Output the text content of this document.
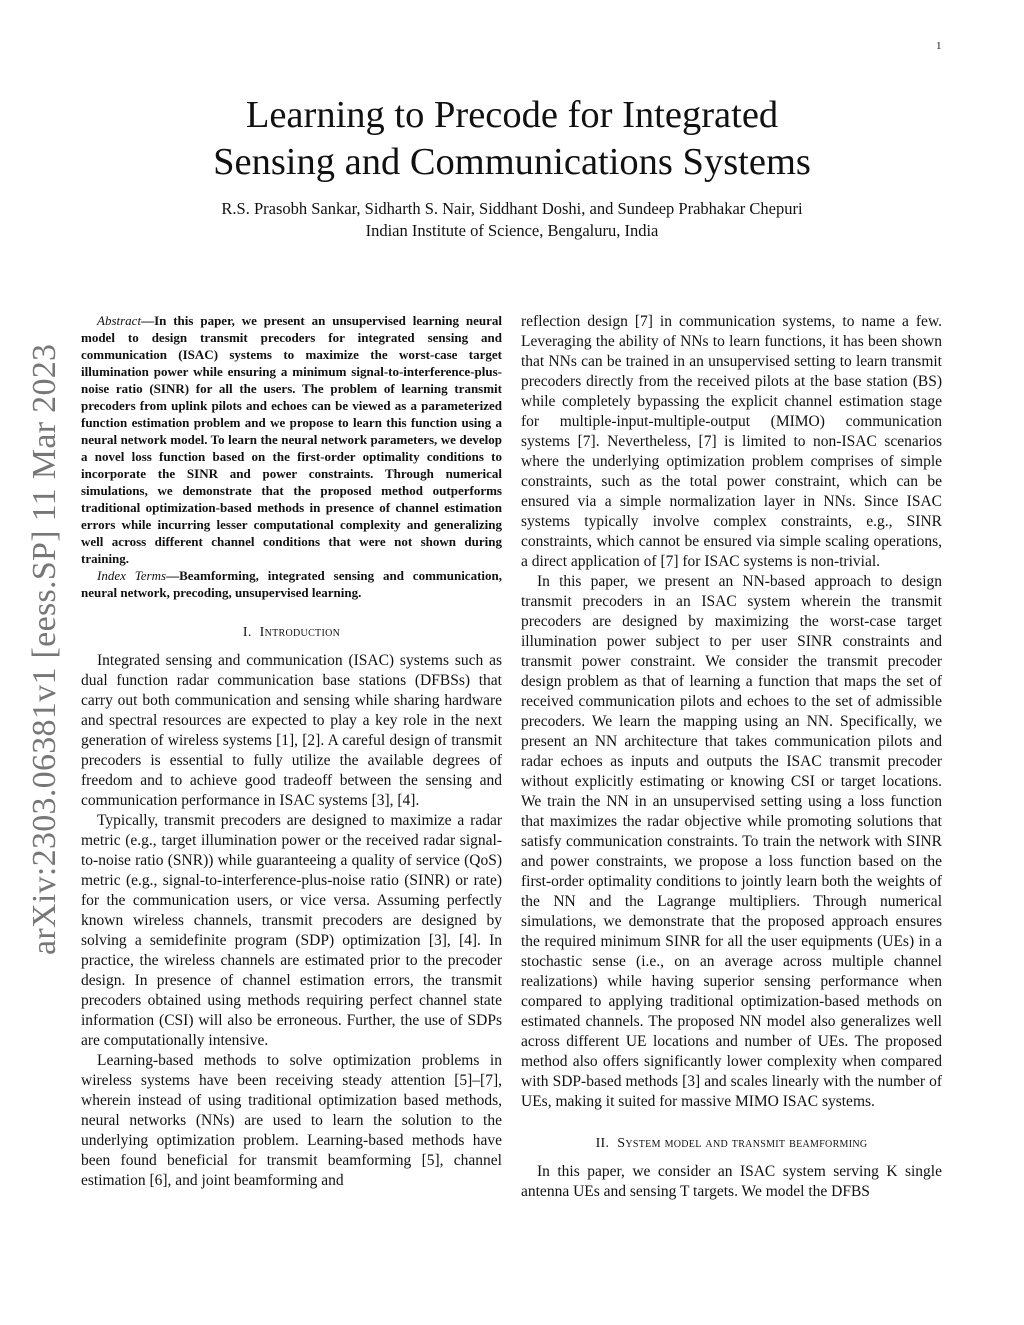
1
arXiv:2303.06381v1 [eess.SP] 11 Mar 2023
Learning to Precode for Integrated
Sensing and Communications Systems
R.S. Prasobh Sankar, Sidharth S. Nair, Siddhant Doshi, and Sundeep Prabhakar Chepuri
Indian Institute of Science, Bengaluru, India

Abstract—In this paper, we present an unsupervised learning neural model to design transmit precoders for integrated sensing and communication (ISAC) systems to maximize the worst-case target illumination power while ensuring a minimum signal-to-interference-plus-noise ratio (SINR) for all the users. The problem of learning transmit precoders from uplink pilots and echoes can be viewed as a parameterized function estimation problem and we propose to learn this function using a neural network model. To learn the neural network parameters, we develop a novel loss function based on the first-order optimality conditions to incorporate the SINR and power constraints. Through numerical simulations, we demonstrate that the proposed method outperforms traditional optimization-based methods in presence of channel estimation errors while incurring lesser computational complexity and generalizing well across different channel conditions that were not shown during training.

Index Terms—Beamforming, integrated sensing and communication, neural network, precoding, unsupervised learning.

I. Introduction

Integrated sensing and communication (ISAC) systems such as dual function radar communication base stations (DFBSs) that carry out both communication and sensing while sharing hardware and spectral resources are expected to play a key role in the next generation of wireless systems [1], [2]. A careful design of transmit precoders is essential to fully utilize the available degrees of freedom and to achieve good tradeoff between the sensing and communication performance in ISAC systems [3], [4].

Typically, transmit precoders are designed to maximize a radar metric (e.g., target illumination power or the received radar signal-to-noise ratio (SNR)) while guaranteeing a quality of service (QoS) metric (e.g., signal-to-interference-plus-noise ratio (SINR) or rate) for the communication users, or vice versa. Assuming perfectly known wireless channels, transmit precoders are designed by solving a semidefinite program (SDP) optimization [3], [4]. In practice, the wireless channels are estimated prior to the precoder design. In presence of channel estimation errors, the transmit precoders obtained using methods requiring perfect channel state information (CSI) will also be erroneous. Further, the use of SDPs are computationally intensive.

Learning-based methods to solve optimization problems in wireless systems have been receiving steady attention [5]–[7], wherein instead of using traditional optimization based methods, neural networks (NNs) are used to learn the solution to the underlying optimization problem. Learning-based methods have been found beneficial for transmit beamforming [5], channel estimation [6], and joint beamforming and

reflection design [7] in communication systems, to name a few. Leveraging the ability of NNs to learn functions, it has been shown that NNs can be trained in an unsupervised setting to learn transmit precoders directly from the received pilots at the base station (BS) while completely bypassing the explicit channel estimation stage for multiple-input-multiple-output (MIMO) communication systems [7]. Nevertheless, [7] is limited to non-ISAC scenarios where the underlying optimization problem comprises of simple constraints, such as the total power constraint, which can be ensured via a simple normalization layer in NNs. Since ISAC systems typically involve complex constraints, e.g., SINR constraints, which cannot be ensured via simple scaling operations, a direct application of [7] for ISAC systems is non-trivial.

In this paper, we present an NN-based approach to design transmit precoders in an ISAC system wherein the transmit precoders are designed by maximizing the worst-case target illumination power subject to per user SINR constraints and transmit power constraint. We consider the transmit precoder design problem as that of learning a function that maps the set of received communication pilots and echoes to the set of admissible precoders. We learn the mapping using an NN. Specifically, we present an NN architecture that takes communication pilots and radar echoes as inputs and outputs the ISAC transmit precoder without explicitly estimating or knowing CSI or target locations. We train the NN in an unsupervised setting using a loss function that maximizes the radar objective while promoting solutions that satisfy communication constraints. To train the network with SINR and power constraints, we propose a loss function based on the first-order optimality conditions to jointly learn both the weights of the NN and the Lagrange multipliers. Through numerical simulations, we demonstrate that the proposed approach ensures the required minimum SINR for all the user equipments (UEs) in a stochastic sense (i.e., on an average across multiple channel realizations) while having superior sensing performance when compared to applying traditional optimization-based methods on estimated channels. The proposed NN model also generalizes well across different UE locations and number of UEs. The proposed method also offers significantly lower complexity when compared with SDP-based methods [3] and scales linearly with the number of UEs, making it suited for massive MIMO ISAC systems.

II. System model and transmit beamforming

In this paper, we consider an ISAC system serving K single antenna UEs and sensing T targets. We model the DFBS
